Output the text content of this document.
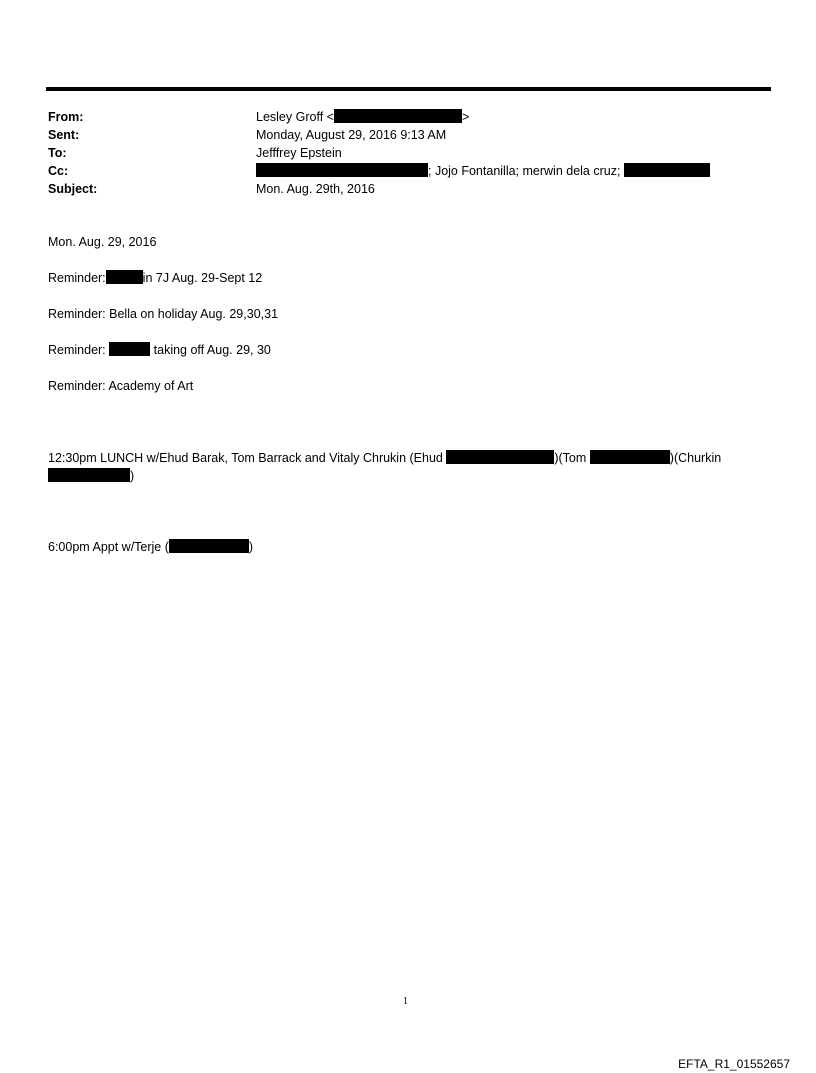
From:	Lesley Groff <	>
Sent:	Monday, August 29, 2016 9:13 AM
To:	Jefffrey Epstein
Cc:	; Jojo Fontanilla; merwin dela cruz;
Subject:	Mon. Aug. 29th, 2016
Mon. Aug. 29, 2016
Reminder:	in 7J Aug. 29-Sept 12
Reminder: Bella on holiday Aug. 29,30,31
Reminder:	taking off Aug. 29, 30
Reminder: Academy of Art
12:30pm LUNCH w/Ehud Barak, Tom Barrack and Vitaly Chrukin (Ehud	)(Tom	)(Churkin
)
6:00pm Appt w/Terje (	)
1
EFTA_R1_01552657
